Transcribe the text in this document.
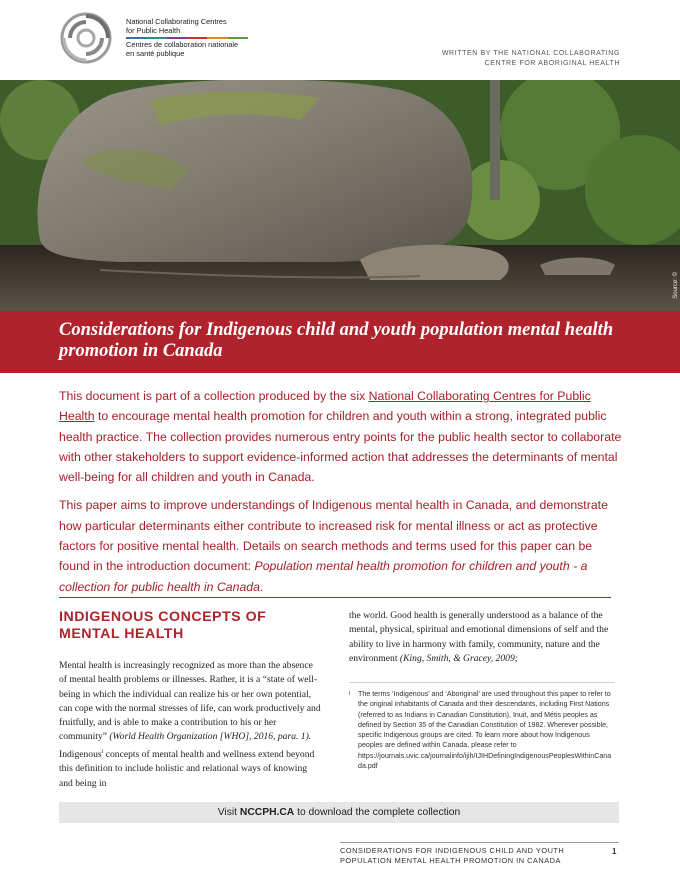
National Collaborating Centres for Public Health
Centres de collaboration nationale en santé publique	WRITTEN BY THE NATIONAL COLLABORATING CENTRE FOR ABORIGINAL HEALTH
Source: ©
Considerations for Indigenous child and youth population mental health promotion in Canada

This document is part of a collection produced by the six National Collaborating Centres for Public Health to encourage mental health promotion for children and youth within a strong, integrated public health practice. The collection provides numerous entry points for the public health sector to collaborate with other stakeholders to support evidence-informed action that addresses the determinants of mental well-being for all children and youth in Canada.

This paper aims to improve understandings of Indigenous mental health in Canada, and demonstrate how particular determinants either contribute to increased risk for mental illness or act as protective factors for positive mental health. Details on search methods and terms used for this paper can be found in the introduction document: Population mental health promotion for children and youth - a collection for public health in Canada.

INDIGENOUS CONCEPTS OF MENTAL HEALTH
Mental health is increasingly recognized as more than the absence of mental health problems or illnesses. Rather, it is a “state of well-being in which the individual can realize his or her own potential, can cope with the normal stresses of life, can work productively and fruitfully, and is able to make a contribution to his or her community” (World Health Organization [WHO], 2016, para. 1). Indigenous$^i$ concepts of mental health and wellness extend beyond this definition to include holistic and relational ways of knowing and being in
the world. Good health is generally understood as a balance of the mental, physical, spiritual and emotional dimensions of self and the ability to live in harmony with family, community, nature and the environment (King, Smith, & Gracey, 2009;
i	The terms ‘Indigenous’ and ‘Aboriginal’ are used throughout this paper to refer to the original inhabitants of Canada and their descendants, including First Nations (referred to as Indians in Canadian Constitution), Inuit, and Métis peoples as defined by Section 35 of the Canadian Constitution of 1982. Wherever possible, specific Indigenous groups are cited. To learn more about how Indigenous peoples are defined within Canada, please refer to https://journals.uvic.ca/journalinfo/ijih/IJIHDefiningIndigenousPeoplesWithinCanada.pdf
Visit NCCPH.CA to download the complete collection
CONSIDERATIONS FOR INDIGENOUS CHILD AND YOUTH POPULATION MENTAL HEALTH PROMOTION IN CANADA
1
